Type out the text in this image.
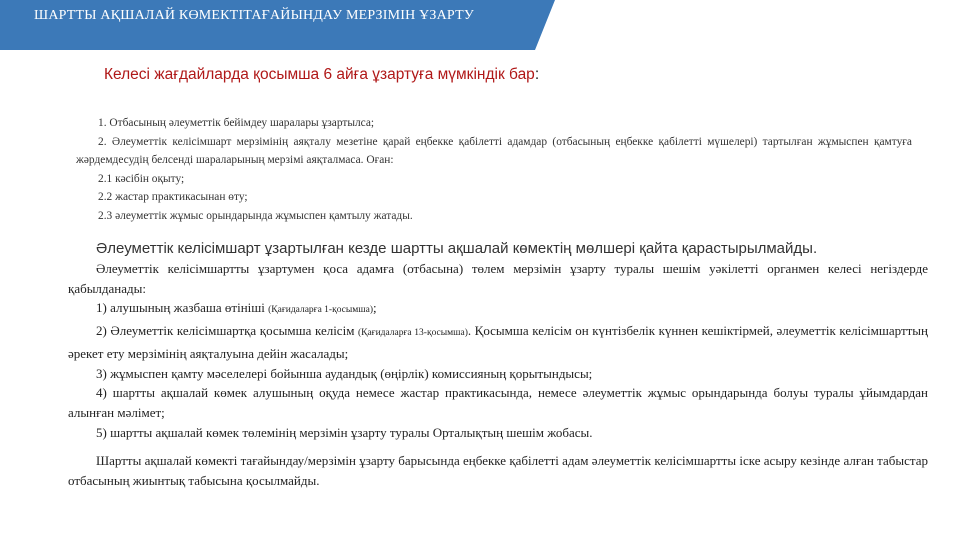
ШАРТТЫ АҚШАЛАЙ КӨМЕКТІТАҒАЙЫНДАУ МЕРЗІМІН ҰЗАРТУ
Келесі жағдайларда қосымша 6 айға ұзартуға мүмкіндік бар:

1. Отбасының әлеуметтік бейімдеу шаралары ұзартылса;

2. Әлеуметтік келісімшарт мерзімінің аяқталу мезетіне қарай еңбекке қабілетті адамдар (отбасының еңбекке қабілетті мүшелері) тартылған жұмыспен қамтуға жәрдемдесудің белсенді шараларының мерзімі аяқталмаса. Оған:

2.1 кәсібін оқыту;

2.2 жастар практикасынан өту;

2.3 әлеуметтік жұмыс орындарында жұмыспен қамтылу жатады.

Әлеуметтік келісімшарт ұзартылған кезде шартты ақшалай көмектің мөлшері қайта қарастырылмайды.

Әлеуметтік келісімшартты ұзартумен қоса адамға (отбасына) төлем мерзімін ұзарту туралы шешім уәкілетті органмен келесі негіздерде қабылданады:

1) алушының жазбаша өтініші (Қағидаларға 1-қосымша);

2) Әлеуметтік келісімшартқа қосымша келісім (Қағидаларға 13-қосымша). Қосымша келісім он күнтізбелік күннен кешіктірмей, әлеуметтік келісімшарттың әрекет ету мерзімінің аяқталуына дейін жасалады;

3) жұмыспен қамту мәселелері бойынша аудандық (өңірлік) комиссияның қорытындысы;

4) шартты ақшалай көмек алушының оқуда немесе жастар практикасында, немесе әлеуметтік жұмыс орындарында болуы туралы ұйымдардан алынған мәлімет;

5) шартты ақшалай көмек төлемінің мерзімін ұзарту туралы Орталықтың шешім жобасы.

Шартты ақшалай көмекті тағайындау/мерзімін ұзарту барысында еңбекке қабілетті адам әлеуметтік келісімшартты іске асыру кезінде алған табыстар отбасының жиынтық табысына қосылмайды.
